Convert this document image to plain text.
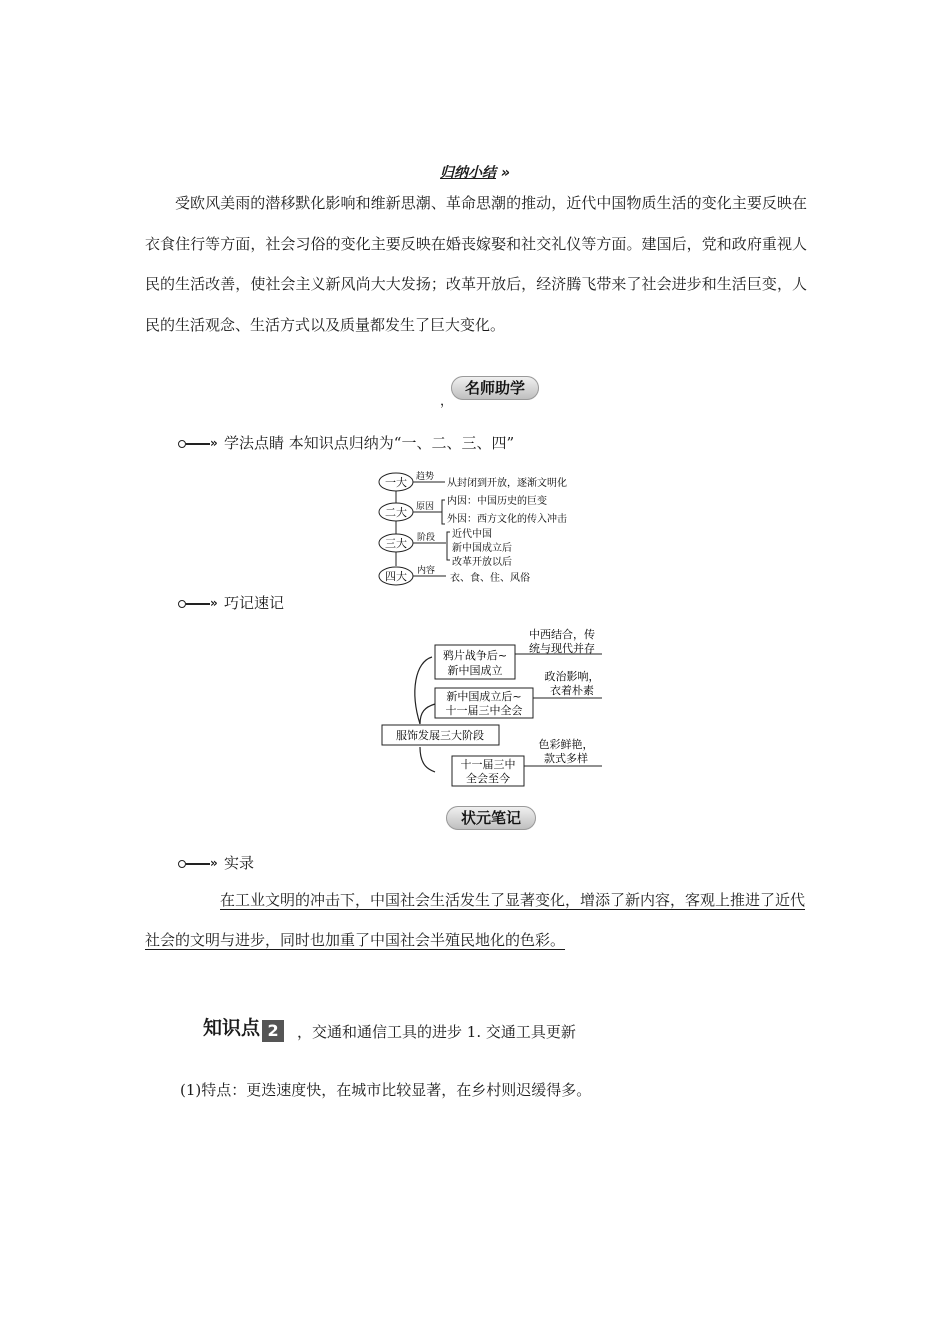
归纳小结 »
受欧风美雨的潜移默化影响和维新思潮、革命思潮的推动，近代中国物质生活的变化主要反映在衣食住行等方面，社会习俗的变化主要反映在婚丧嫁娶和社交礼仪等方面。建国后，党和政府重视人民的生活改善，使社会主义新风尚大大发扬；改革开放后，经济腾飞带来了社会进步和生活巨变，人民的生活观念、生活方式以及质量都发生了巨大变化。
名师助学
，
» 学法点睛 本知识点归纳为“一、二、三、四”
一大 趋势
从封闭到开放，逐渐文明化
二大 原因 内因：中国历史的巨变
外因：西方文化的传入冲击
三大 阶段 近代中国
新中国成立后
改革开放以后
四大 内容
衣、食、住、风俗
» 巧记速记
服饰发展三大阶段
鸦片战争后~
新中国成立
中西结合，传
统与现代并存
新中国成立后~
十一届三中全会
政治影响，
衣着朴素
十一届三中
全会至今
色彩鲜艳，
款式多样
状元笔记
» 实录
在工业文明的冲击下，中国社会生活发生了显著变化，增添了新内容，客观上推进了近代社会的文明与进步，同时也加重了中国社会半殖民地化的色彩。
知识点 2	，交通和通信工具的进步 1. 交通工具更新
(1)特点：更迭速度快，在城市比较显著，在乡村则迟缓得多。
